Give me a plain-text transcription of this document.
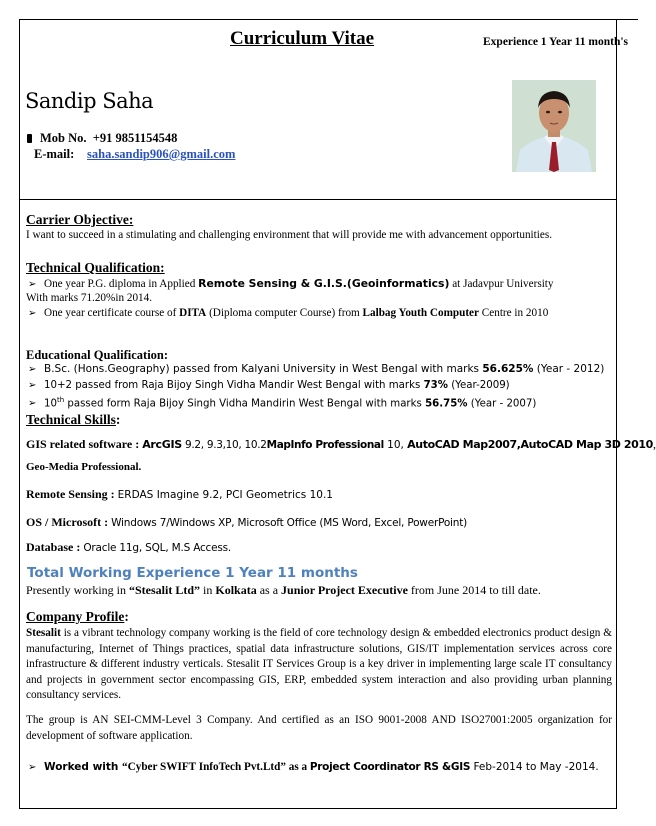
Curriculum Vitae	Experience 1 Year 11 month's
Sandip Saha
Mob No. +91 9851154548
E-mail: saha.sandip906@gmail.com
Carrier Objective:
I want to succeed in a stimulating and challenging environment that will provide me with advancement opportunities.
Technical Qualification:
➢ One year P.G. diploma in Applied Remote Sensing & G.I.S.(Geoinformatics) at Jadavpur University
With marks 71.20%in 2014.
➢ One year certificate course of DITA (Diploma computer Course) from Lalbag Youth Computer Centre in 2010
Educational Qualification:
➢ B.Sc. (Hons.Geography) passed from Kalyani University in West Bengal with marks 56.625% (Year - 2012)
➢ 10+2 passed from Raja Bijoy Singh Vidha Mandir West Bengal with marks 73% (Year-2009)
➢ 10th passed form Raja Bijoy Singh Vidha Mandirin West Bengal with marks 56.75% (Year - 2007)
Technical Skills:
GIS related software : ArcGIS 9.2, 9.3,10, 10.2MapInfo Professional 10, AutoCAD Map2007,AutoCAD Map 3D 2010,
Geo-Media Professional.
Remote Sensing : ERDAS Imagine 9.2, PCI Geometrics 10.1
OS / Microsoft : Windows 7/Windows XP, Microsoft Office (MS Word, Excel, PowerPoint)
Database : Oracle 11g, SQL, M.S Access.
Total Working Experience 1 Year 11 months
Presently working in “Stesalit Ltd” in Kolkata as a Junior Project Executive from June 2014 to till date.
Company Profile:
Stesalit is a vibrant technology company working is the field of core technology design & embedded electronics product design & manufacturing, Internet of Things practices, spatial data infrastructure solutions, GIS/IT implementation services across core infrastructure & different industry verticals. Stesalit IT Services Group is a key driver in implementing large scale IT consultancy and projects in government sector encompassing GIS, ERP, embedded system interaction and also providing urban planning consultancy services.
The group is AN SEI-CMM-Level 3 Company. And certified as an ISO 9001-2008 AND ISO27001:2005 organization for development of software application.
➢ Worked with “Cyber SWIFT InfoTech Pvt.Ltd” as a Project Coordinator RS &GIS Feb-2014 to May -2014.
